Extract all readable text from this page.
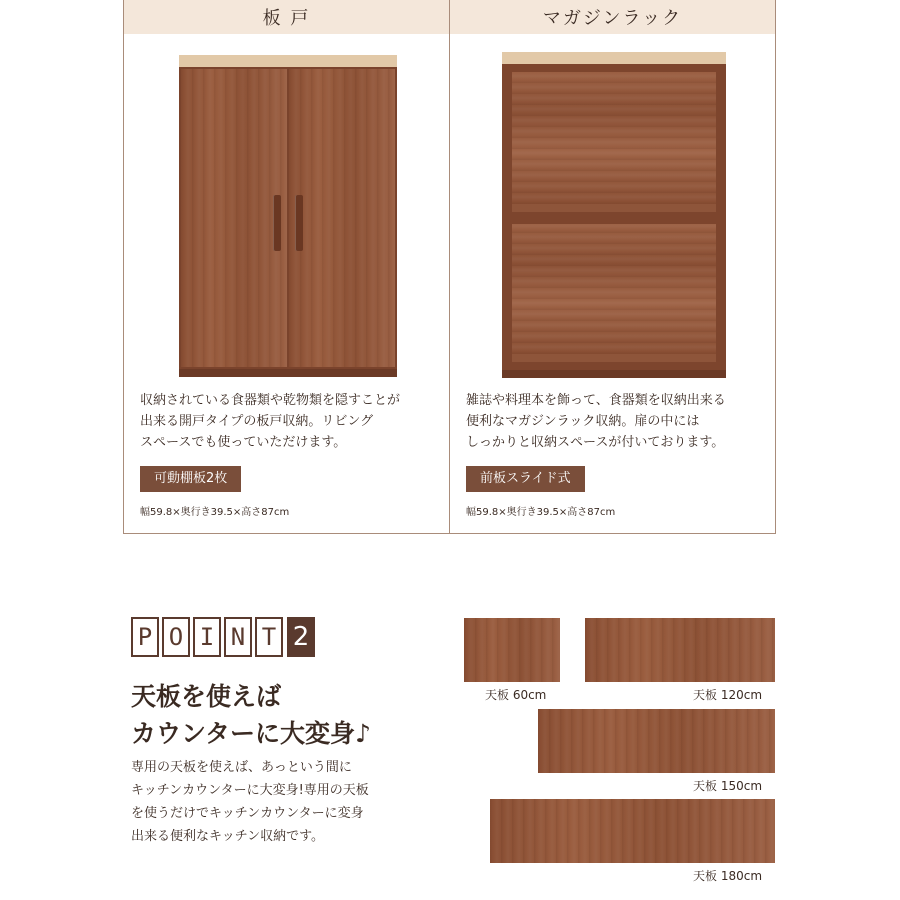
板 戸
収納されている食器類や乾物類を隠すことが
出来る開戸タイプの板戸収納。リビング
スペースでも使っていただけます。
可動棚板2枚
幅59.8×奥行き39.5×高さ87cm
マガジンラック
雑誌や料理本を飾って、食器類を収納出来る
便利なマガジンラック収納。扉の中には
しっかりと収納スペースが付いております。
前板スライド式
幅59.8×奥行き39.5×高さ87cm
P O I N T 2
天板を使えば
カウンターに大変身♪
専用の天板を使えば、あっという間に
キッチンカウンターに大変身!専用の天板
を使うだけでキッチンカウンターに変身
出来る便利なキッチン収納です。
天板 60cm	天板 120cm
天板 150cm
天板 180cm
